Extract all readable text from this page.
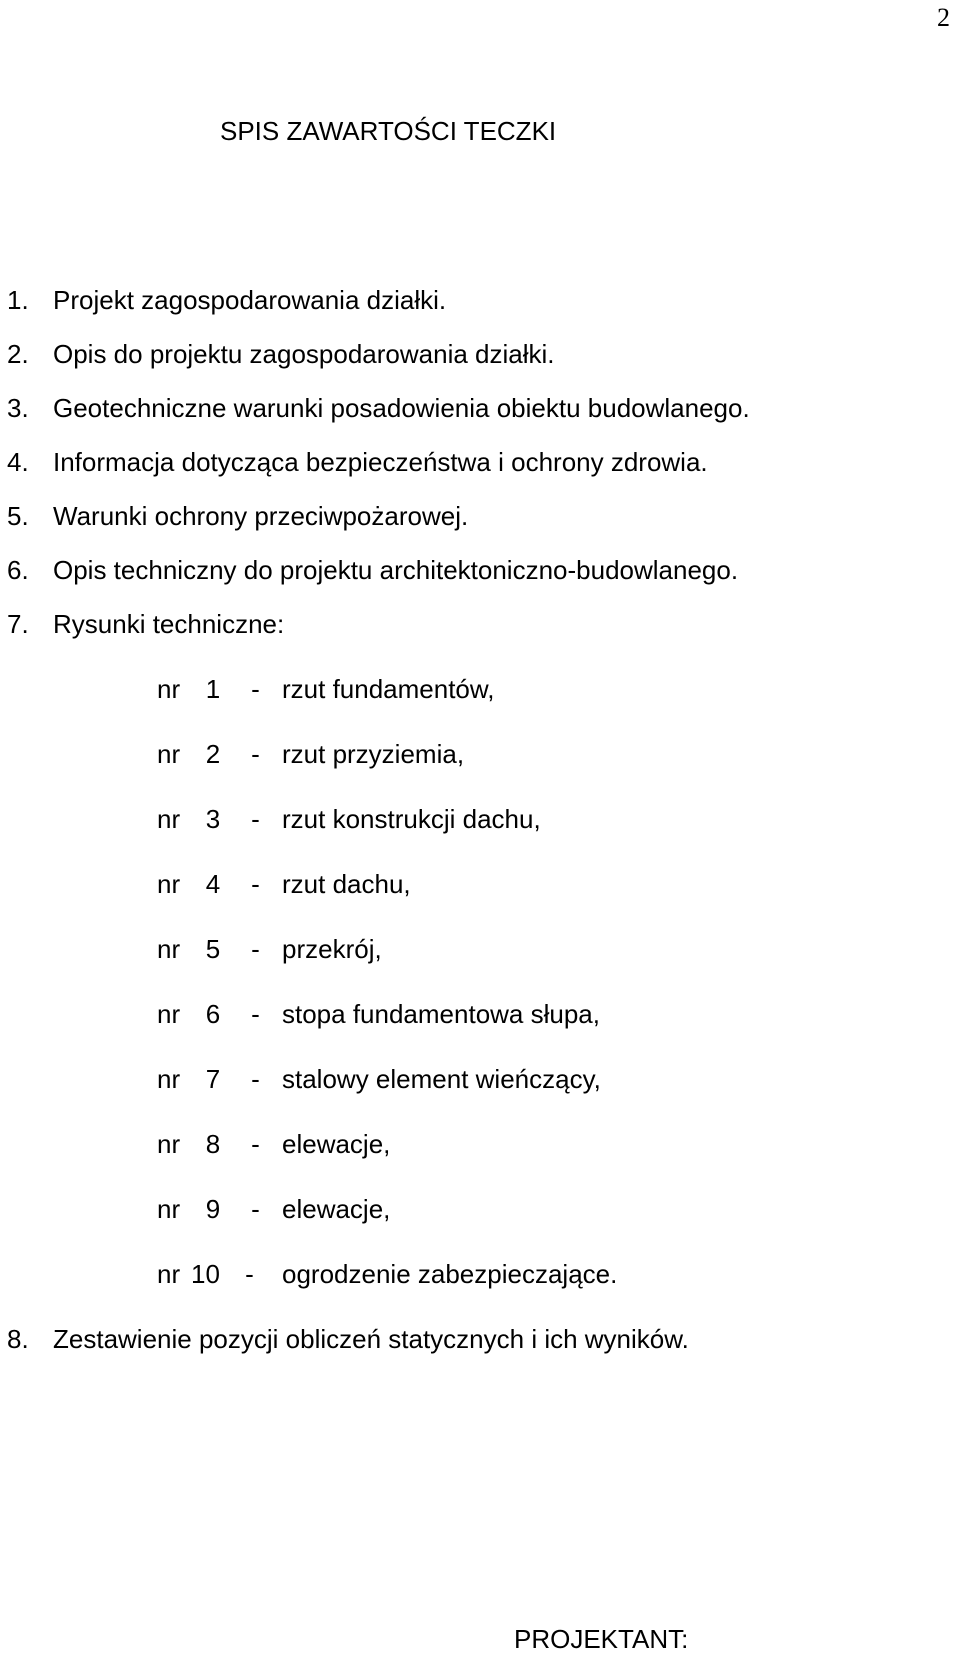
2
SPIS ZAWARTOŚCI TECZKI
1. Projekt zagospodarowania działki.
2. Opis do projektu zagospodarowania działki.
3. Geotechniczne warunki posadowienia obiektu budowlanego.
4. Informacja dotycząca bezpieczeństwa i ochrony zdrowia.
5. Warunki ochrony przeciwpożarowej.
6. Opis techniczny do projektu architektoniczno-budowlanego.
7. Rysunki techniczne:
nr 1 - rzut fundamentów,
nr 2 - rzut przyziemia,
nr 3 - rzut konstrukcji dachu,
nr 4 - rzut dachu,
nr 5 - przekrój,
nr 6 - stopa fundamentowa słupa,
nr 7 - stalowy element wieńczący,
nr 8 - elewacje,
nr 9 - elewacje,
nr 10 - ogrodzenie zabezpieczające.
8. Zestawienie pozycji obliczeń statycznych i ich wyników.
PROJEKTANT:
